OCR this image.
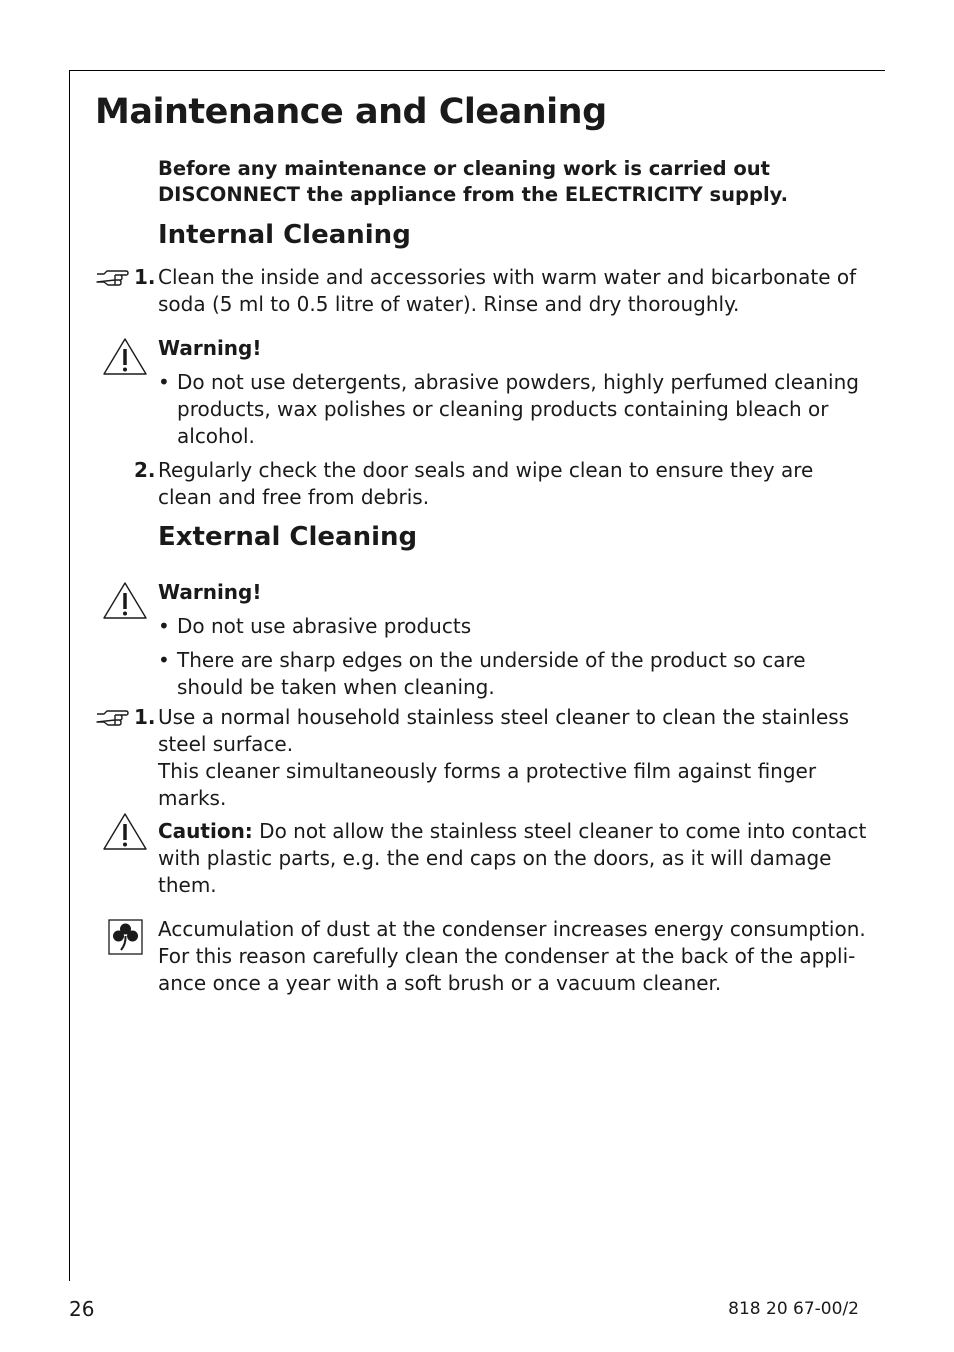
Maintenance and Cleaning
Before any maintenance or cleaning work is carried out DISCONNECT the appliance from the ELECTRICITY supply.
Internal Cleaning
1. Clean the inside and accessories with warm water and bicarbonate of soda (5 ml to 0.5 litre of water). Rinse and dry thoroughly.
Warning!
• Do not use detergents, abrasive powders, highly perfumed cleaning products, wax polishes or cleaning products containing bleach or alcohol.
2. Regularly check the door seals and wipe clean to ensure they are clean and free from debris.
External Cleaning
Warning!
• Do not use abrasive products
• There are sharp edges on the underside of the product so care should be taken when cleaning.
1. Use a normal household stainless steel cleaner to clean the stainless steel surface.
This cleaner simultaneously forms a protective film against finger marks.
Caution: Do not allow the stainless steel cleaner to come into contact with plastic parts, e.g. the end caps on the doors, as it will damage them.
Accumulation of dust at the condenser increases energy consumption. For this reason carefully clean the condenser at the back of the appli-ance once a year with a soft brush or a vacuum cleaner.
26	818 20 67-00/2
